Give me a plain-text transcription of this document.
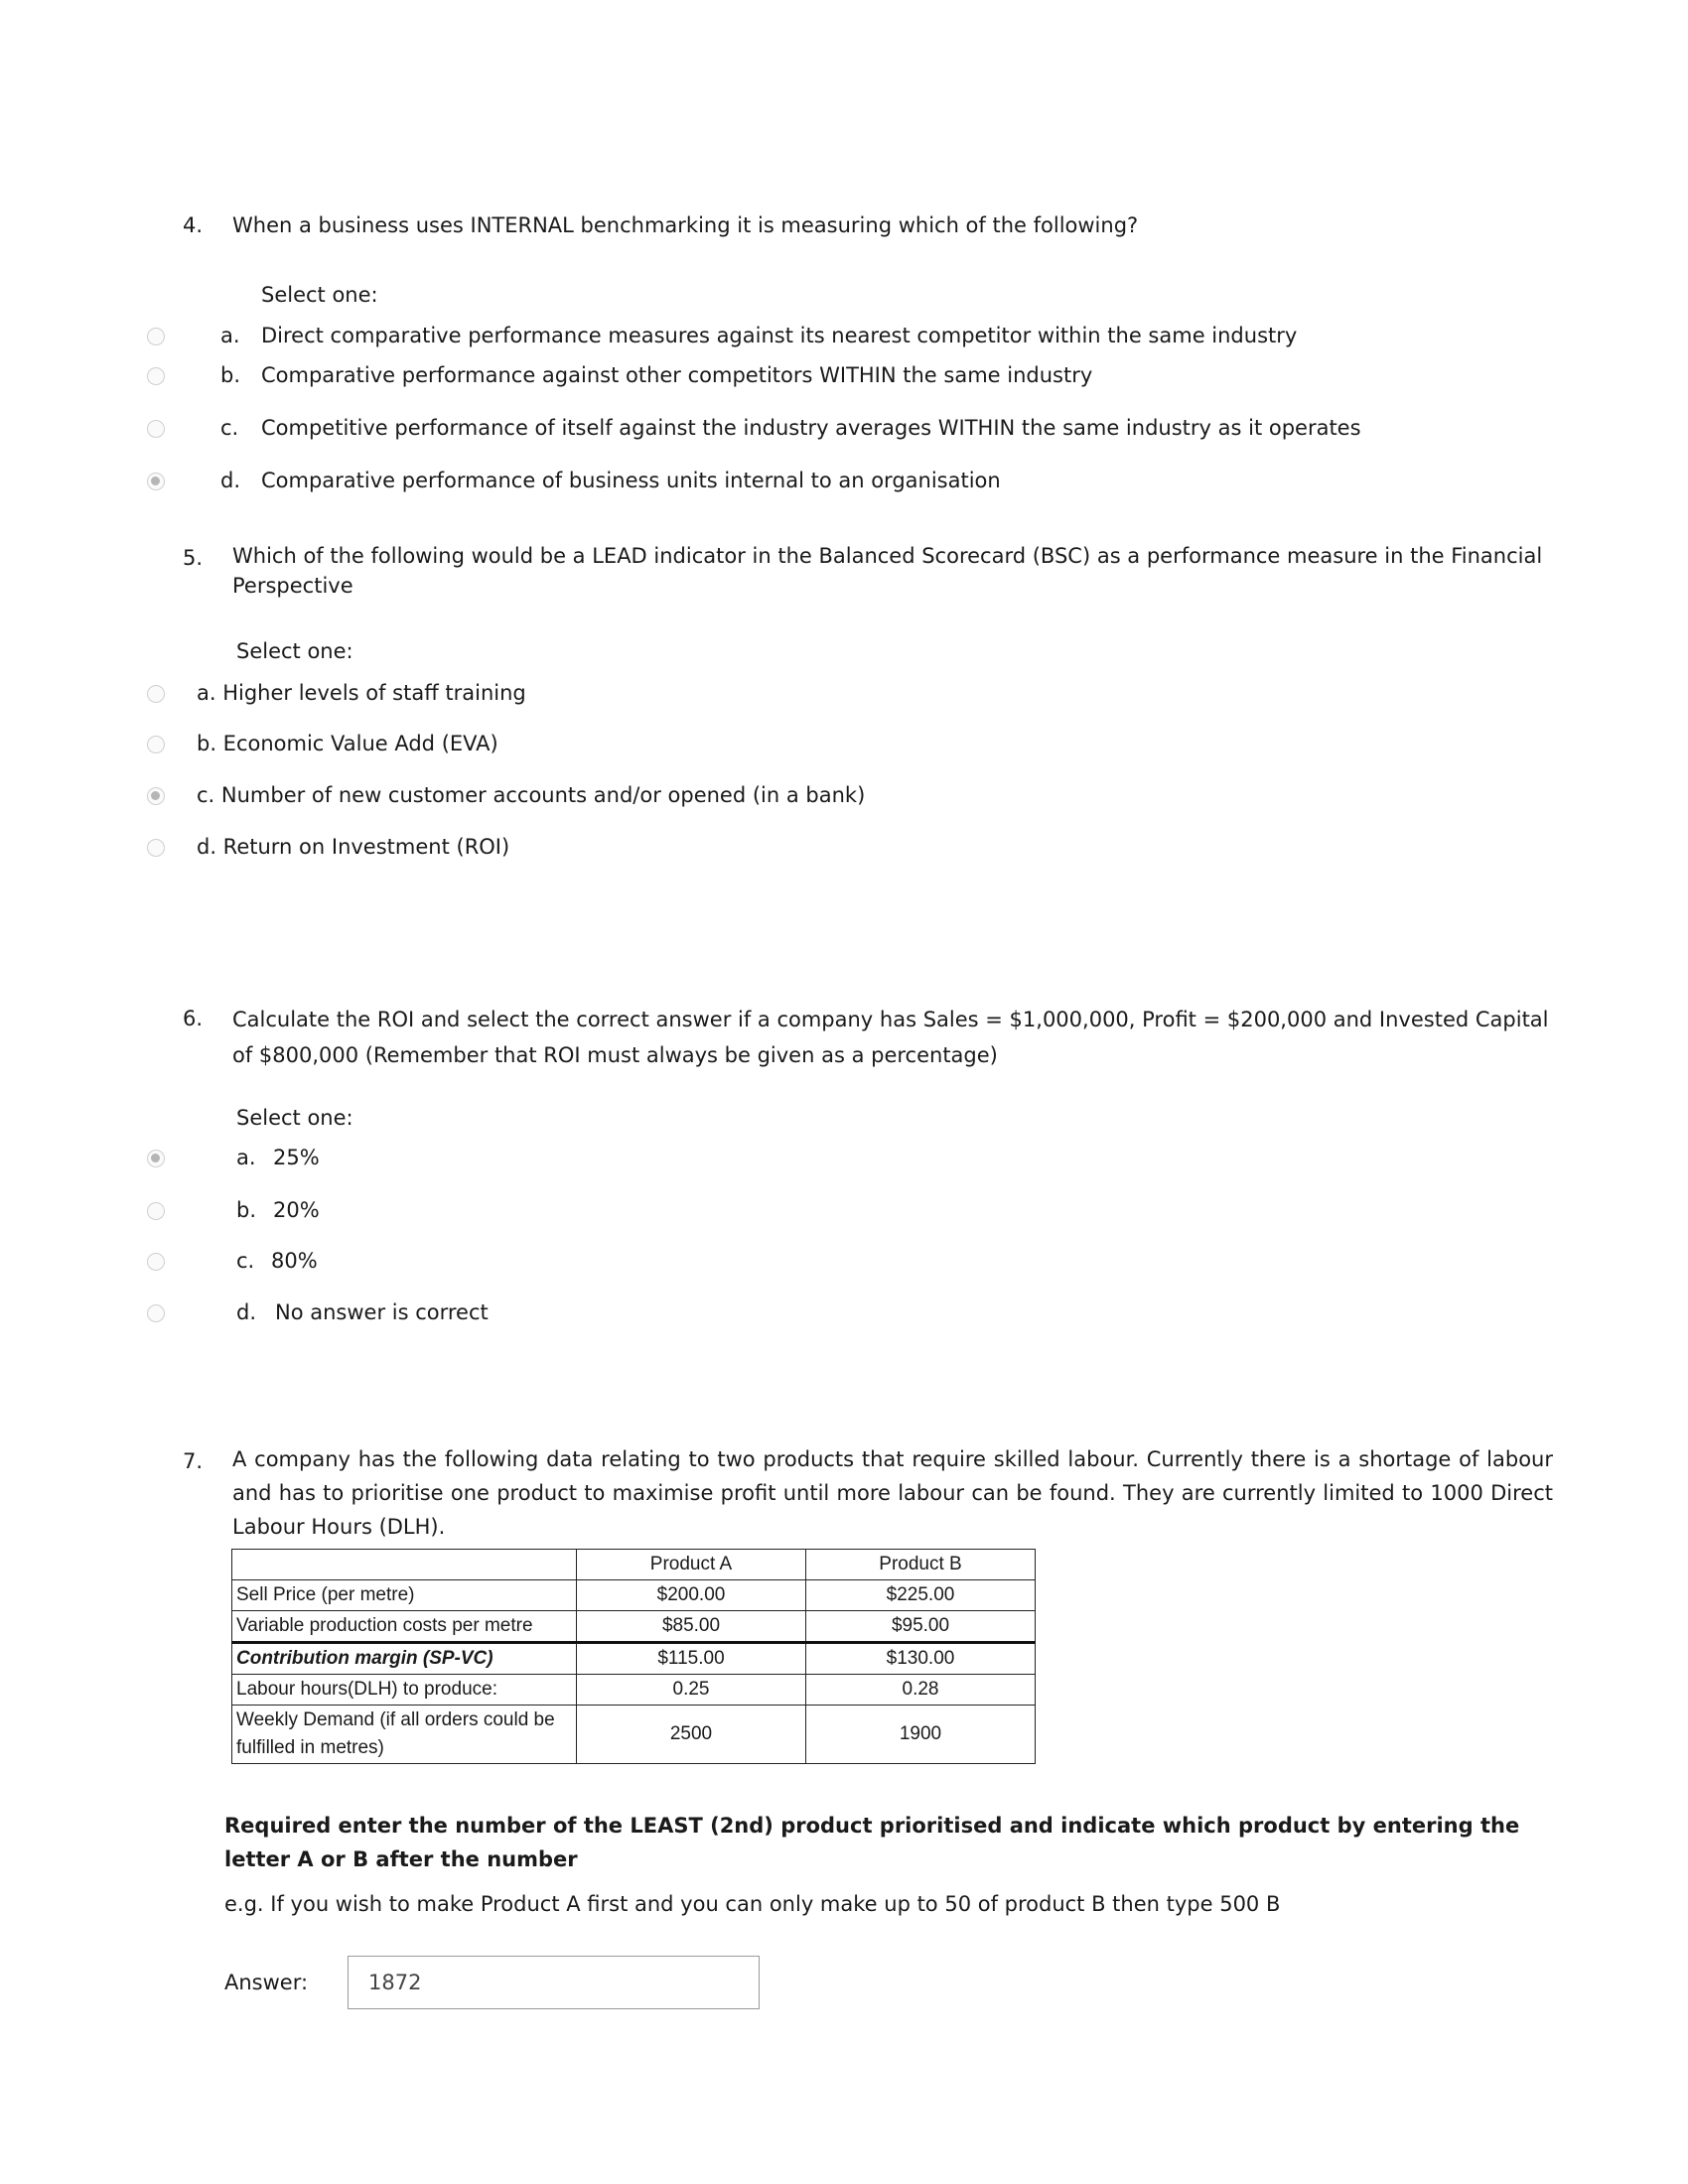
4. When a business uses INTERNAL benchmarking it is measuring which of the following?
Select one:
a. Direct comparative performance measures against its nearest competitor within the same industry
b. Comparative performance against other competitors WITHIN the same industry
c. Competitive performance of itself against the industry averages WITHIN the same industry as it operates
d. Comparative performance of business units internal to an organisation
5. Which of the following would be a LEAD indicator in the Balanced Scorecard (BSC) as a performance measure in the Financial Perspective
Select one:
a. Higher levels of staff training
b. Economic Value Add (EVA)
c. Number of new customer accounts and/or opened (in a bank)
d. Return on Investment (ROI)
6. Calculate the ROI and select the correct answer if a company has Sales = $1,000,000, Profit = $200,000 and Invested Capital of $800,000 (Remember that ROI must always be given as a percentage)
Select one:
a. 25%
b. 20%
c. 80%
d. No answer is correct
7. A company has the following data relating to two products that require skilled labour. Currently there is a shortage of labour and has to prioritise one product to maximise profit until more labour can be found. They are currently limited to 1000 Direct Labour Hours (DLH).
	Product A	Product B
Sell Price (per metre)	$200.00	$225.00
Variable production costs per metre	$85.00	$95.00
Contribution margin (SP-VC)	$115.00	$130.00
Labour hours(DLH) to produce:	0.25	0.28
Weekly Demand (if all orders could be fulfilled in metres)	2500	1900
Required enter the number of the LEAST (2nd) product prioritised and indicate which product by entering the letter A or B after the number
e.g. If you wish to make Product A first and you can only make up to 50 of product B then type 500 B
Answer:
1872
